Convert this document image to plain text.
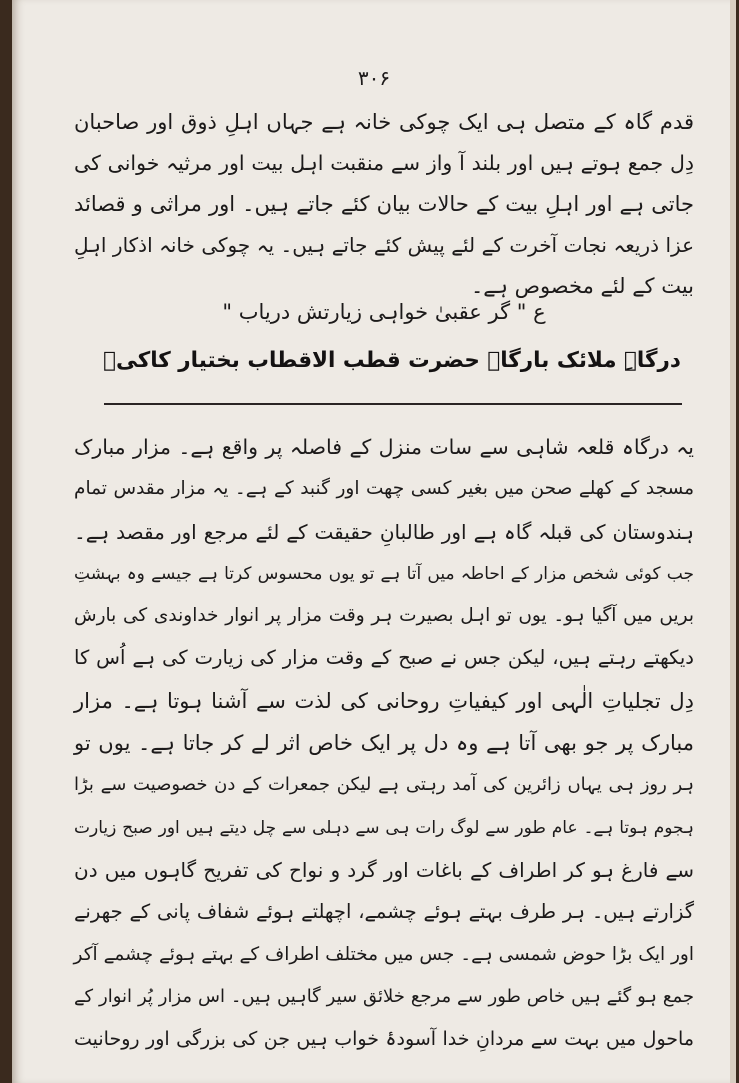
۳۰۶
قدم گاہ کے متصل ہی ایک چوکی خانہ ہے جہاں اہلِ ذوق اور صاحبان
دِل جمع ہوتے ہیں اور بلند آ واز سے منقبت اہل بیت اور مرثیہ خوانی کی
جاتی ہے اور اہلِ بیت کے حالات بیان کئے جاتے ہیں۔ اور مراثی و قصائد
عزا ذریعہ نجات آخرت کے لئے پیش کئے جاتے ہیں۔ یہ چوکی خانہ اذکار اہلِ
بیت کے لئے مخصوص ہے۔
ع " گر عقبیٰ خواہی زیارتش دریاب "
درگاہِ ملائک بارگاہ حضرت قطب الاقطاب بختیار کاکیؒ
یہ درگاہ قلعہ شاہی سے سات منزل کے فاصلہ پر واقع ہے۔ مزار مبارک
مسجد کے کھلے صحن میں بغیر کسی چھت اور گنبد کے ہے۔ یہ مزار مقدس تمام
ہندوستان کی قبلہ گاہ ہے اور طالبانِ حقیقت کے لئے مرجع اور مقصد ہے۔
جب کوئی شخص مزار کے احاطہ میں آتا ہے تو یوں محسوس کرتا ہے جیسے وہ بہشتِ
بریں میں آگیا ہو۔ یوں تو اہل بصیرت ہر وقت مزار پر انوار خداوندی کی بارش
دیکھتے رہتے ہیں، لیکن جس نے صبح کے وقت مزار کی زیارت کی ہے اُس کا
دِل تجلیاتِ الٰہی اور کیفیاتِ روحانی کی لذت سے آشنا ہوتا ہے۔ مزار
مبارک پر جو بھی آتا ہے وہ دل پر ایک خاص اثر لے کر جاتا ہے۔ یوں تو
ہر روز ہی یہاں زائرین کی آمد رہتی ہے لیکن جمعرات کے دن خصوصیت سے بڑا
ہجوم ہوتا ہے۔ عام طور سے لوگ رات ہی سے دہلی سے چل دیتے ہیں اور صبح زیارت
سے فارغ ہو کر اطراف کے باغات اور گرد و نواح کی تفریح گاہوں میں دن
گزارتے ہیں۔ ہر طرف بہتے ہوئے چشمے، اچھلتے ہوئے شفاف پانی کے جھرنے
اور ایک بڑا حوض شمسی ہے۔ جس میں مختلف اطراف کے بہتے ہوئے چشمے آکر
جمع ہو گئے ہیں خاص طور سے مرجع خلائق سیر گاہیں ہیں۔ اس مزار پُر انوار کے
ماحول میں بہت سے مردانِ خدا آسودۂ خواب ہیں جن کی بزرگی اور روحانیت
